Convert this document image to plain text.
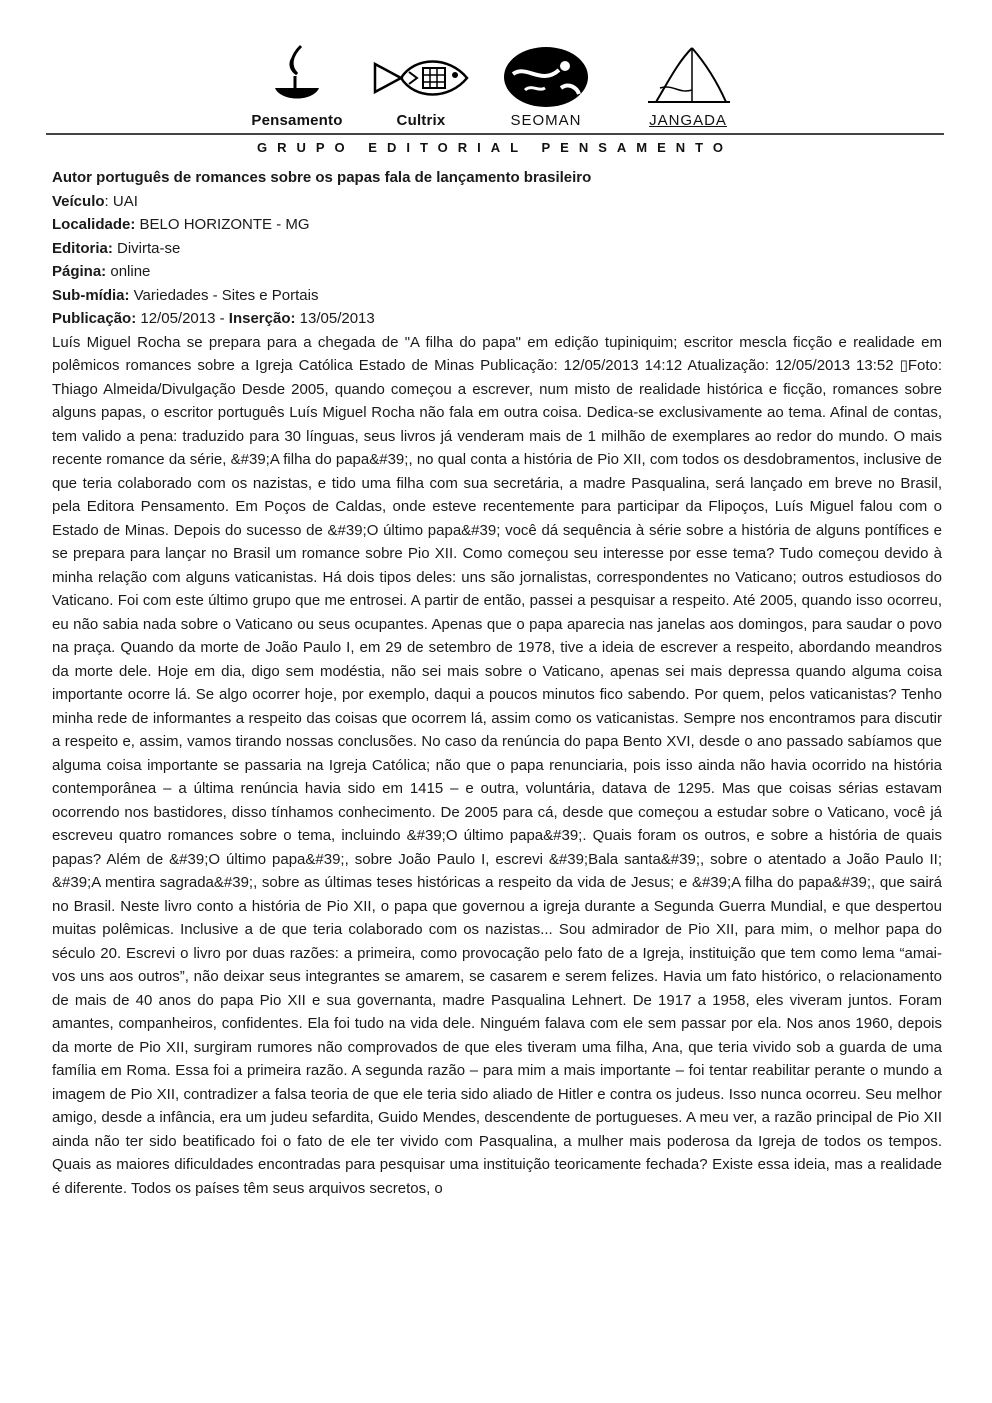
Pensamento	Cultrix	SEOMAN	JANGADA
GRUPO EDITORIAL PENSAMENTO

Autor português de romances sobre os papas fala de lançamento brasileiro

Veículo: UAI

Localidade: BELO HORIZONTE - MG

Editoria: Divirta-se

Página: online

Sub-mídia: Variedades - Sites e Portais

Publicação: 12/05/2013 - Inserção: 13/05/2013

Luís Miguel Rocha se prepara para a chegada de "A filha do papa" em edição tupiniquim; escritor mescla ficção e realidade em polêmicos romances sobre a Igreja Católica Estado de Minas Publicação: 12/05/2013 14:12 Atualização: 12/05/2013 13:52 ▯Foto: Thiago Almeida/Divulgação Desde 2005, quando começou a escrever, num misto de realidade histórica e ficção, romances sobre alguns papas, o escritor português Luís Miguel Rocha não fala em outra coisa. Dedica-se exclusivamente ao tema. Afinal de contas, tem valido a pena: traduzido para 30 línguas, seus livros já venderam mais de 1 milhão de exemplares ao redor do mundo. O mais recente romance da série, &#39;A filha do papa&#39;, no qual conta a história de Pio XII, com todos os desdobramentos, inclusive de que teria colaborado com os nazistas, e tido uma filha com sua secretária, a madre Pasqualina, será lançado em breve no Brasil, pela Editora Pensamento. Em Poços de Caldas, onde esteve recentemente para participar da Flipoços, Luís Miguel falou com o Estado de Minas. Depois do sucesso de &#39;O último papa&#39; você dá sequência à série sobre a história de alguns pontífices e se prepara para lançar no Brasil um romance sobre Pio XII. Como começou seu interesse por esse tema? Tudo começou devido à minha relação com alguns vaticanistas. Há dois tipos deles: uns são jornalistas, correspondentes no Vaticano; outros estudiosos do Vaticano. Foi com este último grupo que me entrosei. A partir de então, passei a pesquisar a respeito. Até 2005, quando isso ocorreu, eu não sabia nada sobre o Vaticano ou seus ocupantes. Apenas que o papa aparecia nas janelas aos domingos, para saudar o povo na praça. Quando da morte de João Paulo I, em 29 de setembro de 1978, tive a ideia de escrever a respeito, abordando meandros da morte dele. Hoje em dia, digo sem modéstia, não sei mais sobre o Vaticano, apenas sei mais depressa quando alguma coisa importante ocorre lá. Se algo ocorrer hoje, por exemplo, daqui a poucos minutos fico sabendo. Por quem, pelos vaticanistas? Tenho minha rede de informantes a respeito das coisas que ocorrem lá, assim como os vaticanistas. Sempre nos encontramos para discutir a respeito e, assim, vamos tirando nossas conclusões. No caso da renúncia do papa Bento XVI, desde o ano passado sabíamos que alguma coisa importante se passaria na Igreja Católica; não que o papa renunciaria, pois isso ainda não havia ocorrido na história contemporânea – a última renúncia havia sido em 1415 – e outra, voluntária, datava de 1295. Mas que coisas sérias estavam ocorrendo nos bastidores, disso tínhamos conhecimento. De 2005 para cá, desde que começou a estudar sobre o Vaticano, você já escreveu quatro romances sobre o tema, incluindo &#39;O último papa&#39;. Quais foram os outros, e sobre a história de quais papas? Além de &#39;O último papa&#39;, sobre João Paulo I, escrevi &#39;Bala santa&#39;, sobre o atentado a João Paulo II; &#39;A mentira sagrada&#39;, sobre as últimas teses históricas a respeito da vida de Jesus; e &#39;A filha do papa&#39;, que sairá no Brasil. Neste livro conto a história de Pio XII, o papa que governou a igreja durante a Segunda Guerra Mundial, e que despertou muitas polêmicas. Inclusive a de que teria colaborado com os nazistas... Sou admirador de Pio XII, para mim, o melhor papa do século 20. Escrevi o livro por duas razões: a primeira, como provocação pelo fato de a Igreja, instituição que tem como lema “amai-vos uns aos outros”, não deixar seus integrantes se amarem, se casarem e serem felizes. Havia um fato histórico, o relacionamento de mais de 40 anos do papa Pio XII e sua governanta, madre Pasqualina Lehnert. De 1917 a 1958, eles viveram juntos. Foram amantes, companheiros, confidentes. Ela foi tudo na vida dele. Ninguém falava com ele sem passar por ela. Nos anos 1960, depois da morte de Pio XII, surgiram rumores não comprovados de que eles tiveram uma filha, Ana, que teria vivido sob a guarda de uma família em Roma. Essa foi a primeira razão. A segunda razão – para mim a mais importante – foi tentar reabilitar perante o mundo a imagem de Pio XII, contradizer a falsa teoria de que ele teria sido aliado de Hitler e contra os judeus. Isso nunca ocorreu. Seu melhor amigo, desde a infância, era um judeu sefardita, Guido Mendes, descendente de portugueses. A meu ver, a razão principal de Pio XII ainda não ter sido beatificado foi o fato de ele ter vivido com Pasqualina, a mulher mais poderosa da Igreja de todos os tempos. Quais as maiores dificuldades encontradas para pesquisar uma instituição teoricamente fechada? Existe essa ideia, mas a realidade é diferente. Todos os países têm seus arquivos secretos, o
